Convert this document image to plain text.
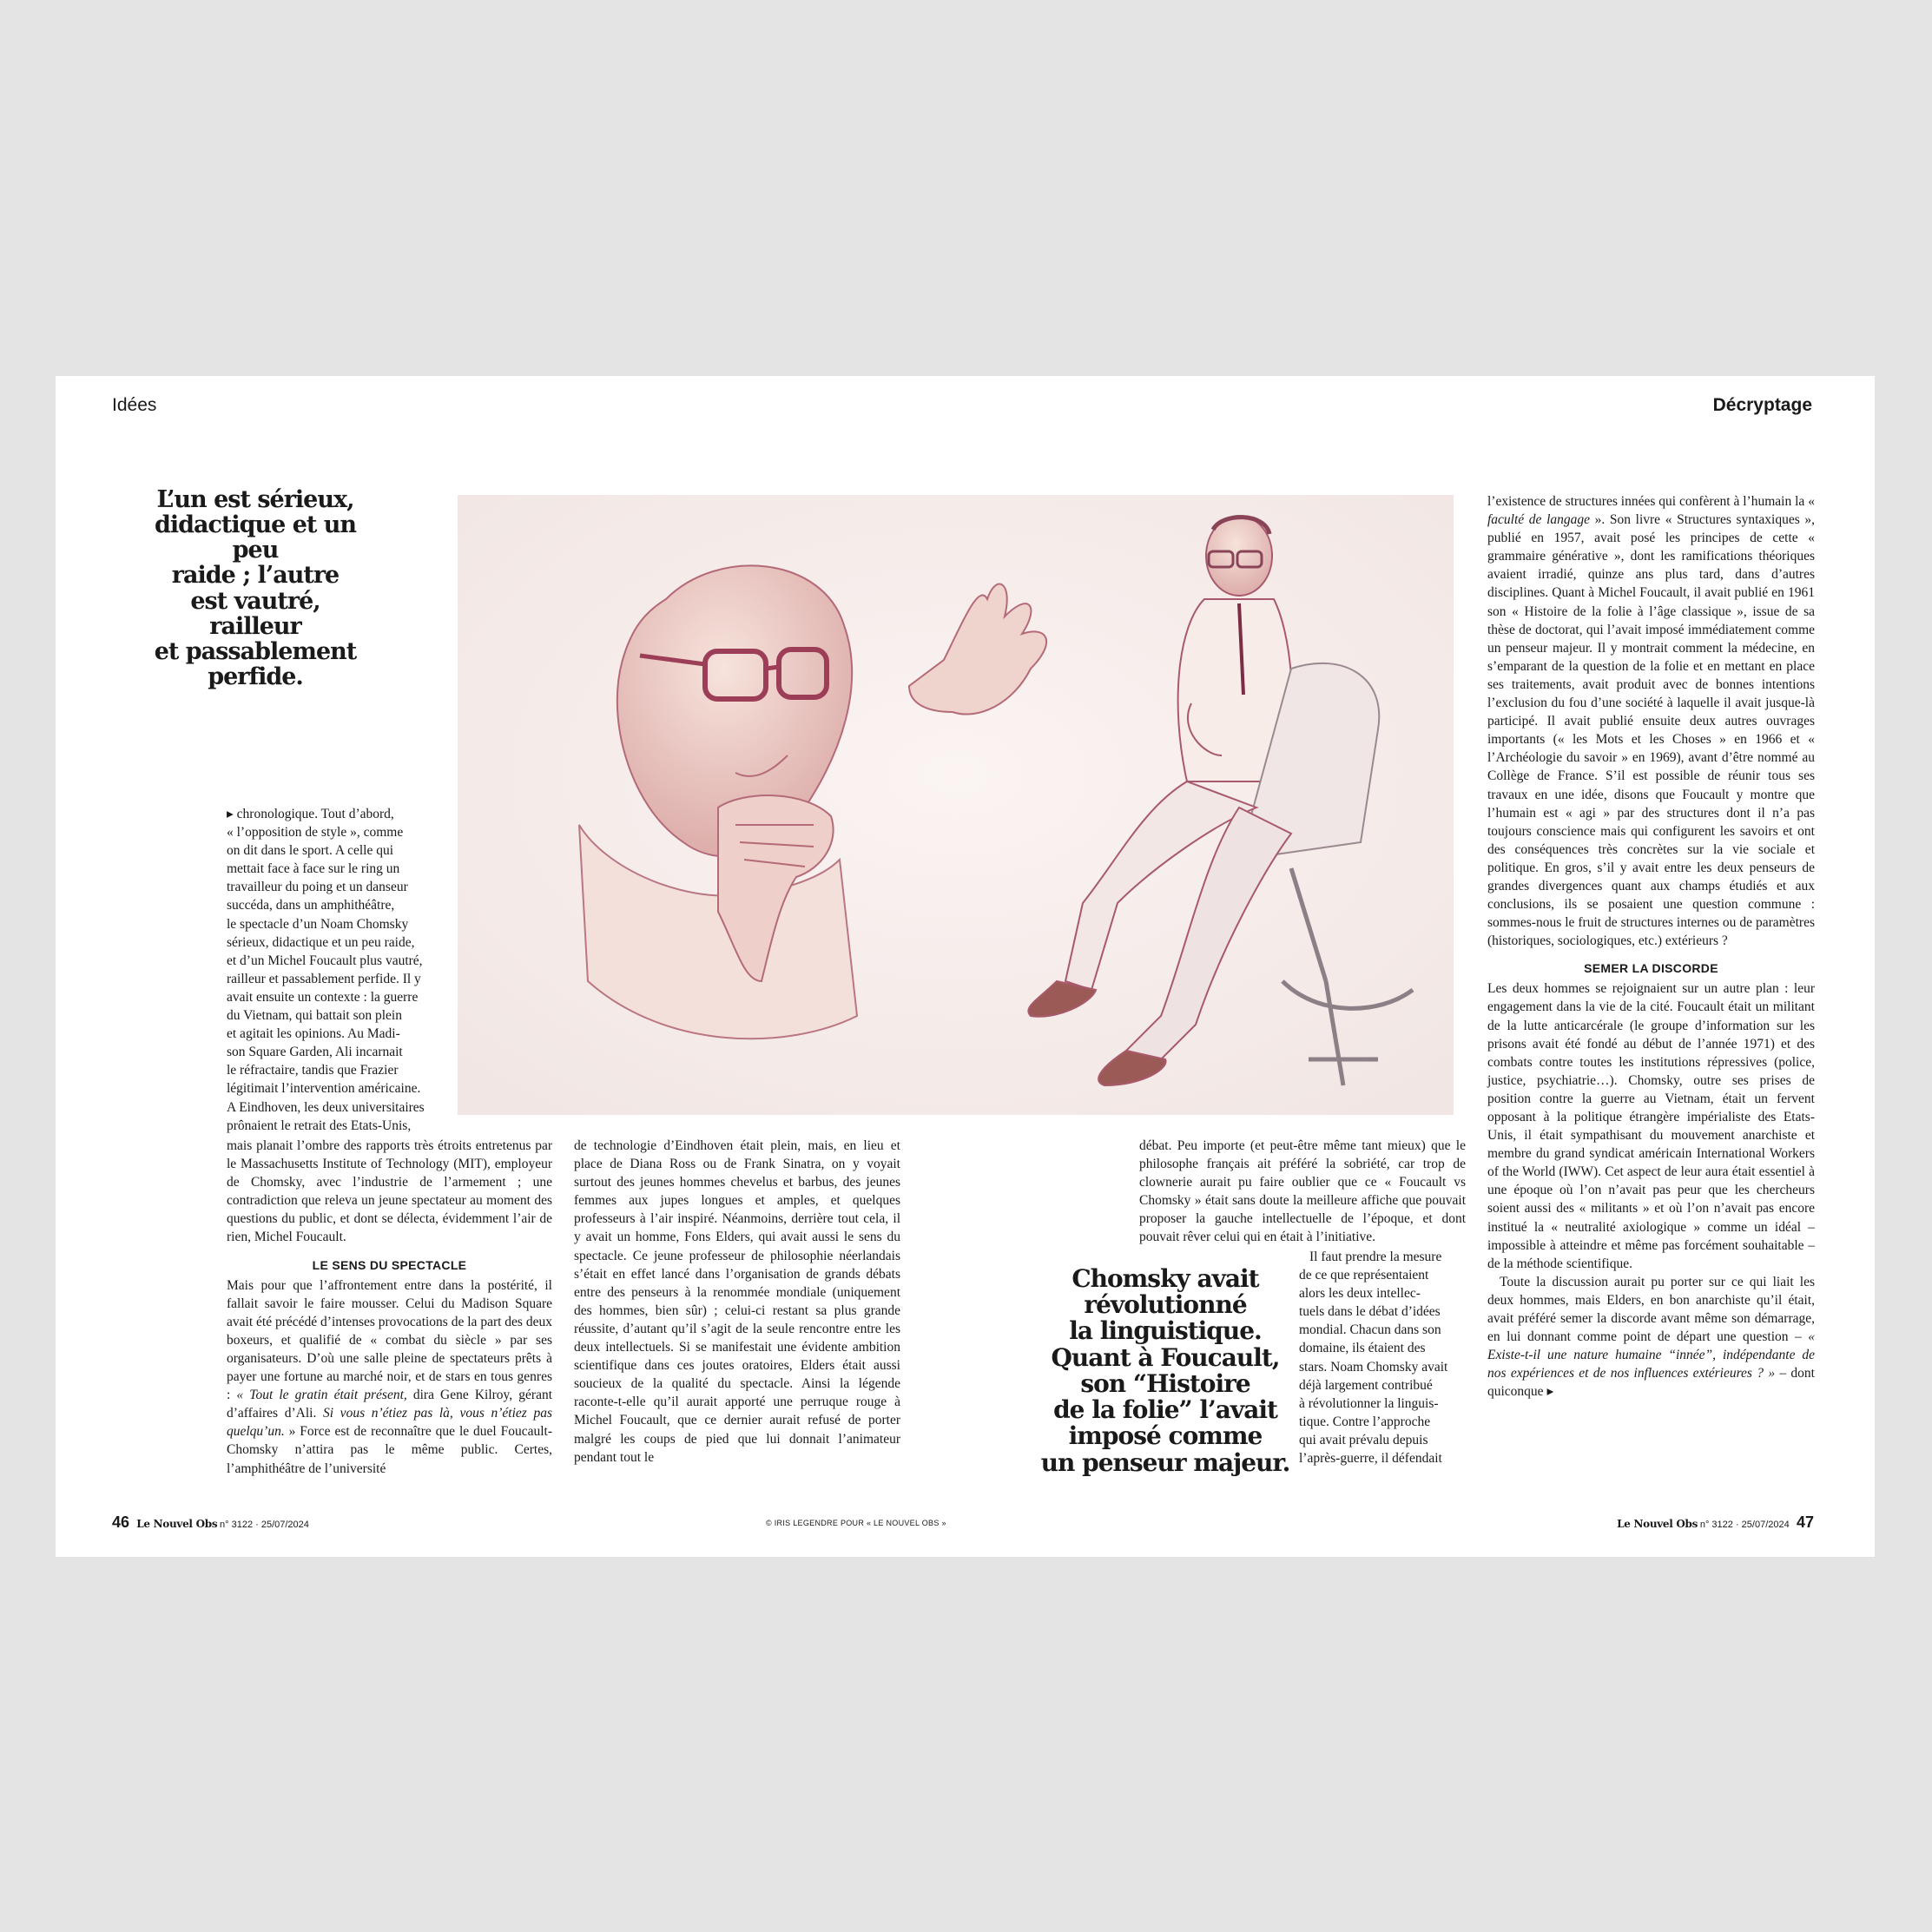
Idées	Décryptage
L’un est sérieux,
didactique et un peu
raide ; l’autre
est vautré, railleur
et passablement
perfide.
▸ chronologique. Tout d’abord,
« l’opposition de style », comme
on dit dans le sport. A celle qui
mettait face à face sur le ring un
travailleur du poing et un danseur
succéda, dans un amphithéâtre,
le spectacle d’un Noam Chomsky
sérieux, didactique et un peu raide,
et d’un Michel Foucault plus vautré,
railleur et passablement perfide. Il y
avait ensuite un contexte : la guerre
du Vietnam, qui battait son plein
et agitait les opinions. Au Madi-
son Square Garden, Ali incarnait
le réfractaire, tandis que Frazier
légitimait l’intervention américaine.
A Eindhoven, les deux universitaires
prônaient le retrait des Etats-Unis,

mais planait l’ombre des rapports très étroits entretenus par le Massachusetts Institute of Technology (MIT), employeur de Chomsky, avec l’industrie de l’armement ; une contradiction que releva un jeune spectateur au moment des questions du public, et dont se délecta, évidemment l’air de rien, Michel Foucault.

LE SENS DU SPECTACLE

Mais pour que l’affrontement entre dans la postérité, il fallait savoir le faire mousser. Celui du Madison Square avait été précédé d’intenses provocations de la part des deux boxeurs, et qualifié de « combat du siècle » par ses organisateurs. D’où une salle pleine de spectateurs prêts à payer une fortune au marché noir, et de stars en tous genres : « Tout le gratin était présent, dira Gene Kilroy, gérant d’affaires d’Ali. Si vous n’étiez pas là, vous n’étiez pas quelqu’un. » Force est de reconnaître que le duel Foucault-Chomsky n’attira pas le même public. Certes, l’amphithéâtre de l’université

de technologie d’Eindhoven était plein, mais, en lieu et place de Diana Ross ou de Frank Sinatra, on y voyait surtout des jeunes hommes chevelus et barbus, des jeunes femmes aux jupes longues et amples, et quelques professeurs à l’air inspiré. Néanmoins, derrière tout cela, il y avait un homme, Fons Elders, qui avait aussi le sens du spectacle. Ce jeune professeur de philosophie néerlandais s’était en effet lancé dans l’organisation de grands débats entre des penseurs à la renommée mondiale (uniquement des hommes, bien sûr) ; celui-ci restant sa plus grande réussite, d’autant qu’il s’agit de la seule rencontre entre les deux intellectuels. Si se manifestait une évidente ambition scientifique dans ces joutes oratoires, Elders était aussi soucieux de la qualité du spectacle. Ainsi la légende raconte-t-elle qu’il aurait apporté une perruque rouge à Michel Foucault, que ce dernier aurait refusé de porter malgré les coups de pied que lui donnait l’animateur pendant tout le

débat. Peu importe (et peut-être même tant mieux) que le philosophe français ait préféré la sobriété, car trop de clownerie aurait pu faire oublier que ce « Foucault vs Chomsky » était sans doute la meilleure affiche que pouvait proposer la gauche intellectuelle de l’époque, et dont pouvait rêver celui qui en était à l’initiative.

Il faut prendre la mesure
de ce que représentaient
alors les deux intellec-
tuels dans le débat d’idées
mondial. Chacun dans son
domaine, ils étaient des
stars. Noam Chomsky avait
déjà largement contribué
à révolutionner la linguis-
tique. Contre l’approche
qui avait prévalu depuis
l’après-guerre, il défendait
Chomsky avait
révolutionné
la linguistique.
Quant à Foucault,
son “Histoire
de la folie” l’avait
imposé comme
un penseur majeur.

l’existence de structures innées qui confèrent à l’humain la « faculté de langage ». Son livre « Structures syntaxiques », publié en 1957, avait posé les principes de cette « grammaire générative », dont les ramifications théoriques avaient irradié, quinze ans plus tard, dans d’autres disciplines. Quant à Michel Foucault, il avait publié en 1961 son « Histoire de la folie à l’âge classique », issue de sa thèse de doctorat, qui l’avait imposé immédiatement comme un penseur majeur. Il y montrait comment la médecine, en s’emparant de la question de la folie et en mettant en place ses traitements, avait produit avec de bonnes intentions l’exclusion du fou d’une société à laquelle il avait jusque-là participé. Il avait publié ensuite deux autres ouvrages importants (« les Mots et les Choses » en 1966 et « l’Archéologie du savoir » en 1969), avant d’être nommé au Collège de France. S’il est possible de réunir tous ses travaux en une idée, disons que Foucault y montre que l’humain est « agi » par des structures dont il n’a pas toujours conscience mais qui configurent les savoirs et ont des conséquences très concrètes sur la vie sociale et politique. En gros, s’il y avait entre les deux penseurs de grandes divergences quant aux champs étudiés et aux conclusions, ils se posaient une question commune : sommes-nous le fruit de structures internes ou de paramètres (historiques, sociologiques, etc.) extérieurs ?

SEMER LA DISCORDE

Les deux hommes se rejoignaient sur un autre plan : leur engagement dans la vie de la cité. Foucault était un militant de la lutte anticarcérale (le groupe d’information sur les prisons avait été fondé au début de l’année 1971) et des combats contre toutes les institutions répressives (police, justice, psychiatrie…). Chomsky, outre ses prises de position contre la guerre au Vietnam, était un fervent opposant à la politique étrangère impérialiste des Etats-Unis, il était sympathisant du mouvement anarchiste et membre du grand syndicat américain International Workers of the World (IWW). Cet aspect de leur aura était essentiel à une époque où l’on n’avait pas peur que les chercheurs soient aussi des « militants » et où l’on n’avait pas encore institué la « neutralité axiologique » comme un idéal – impossible à atteindre et même pas forcément souhaitable – de la méthode scientifique.

Toute la discussion aurait pu porter sur ce qui liait les deux hommes, mais Elders, en bon anarchiste qu’il était, avait préféré semer la discorde avant même son démarrage, en lui donnant comme point de départ une question – « Existe-t-il une nature humaine “innée”, indépendante de nos expériences et de nos influences extérieures ? » – dont quiconque ▸

46 Le Nouvel Obs n° 3122 · 25/07/2024	© IRIS LEGENDRE POUR « LE NOUVEL OBS »	Le Nouvel Obs n° 3122 · 25/07/2024 47
